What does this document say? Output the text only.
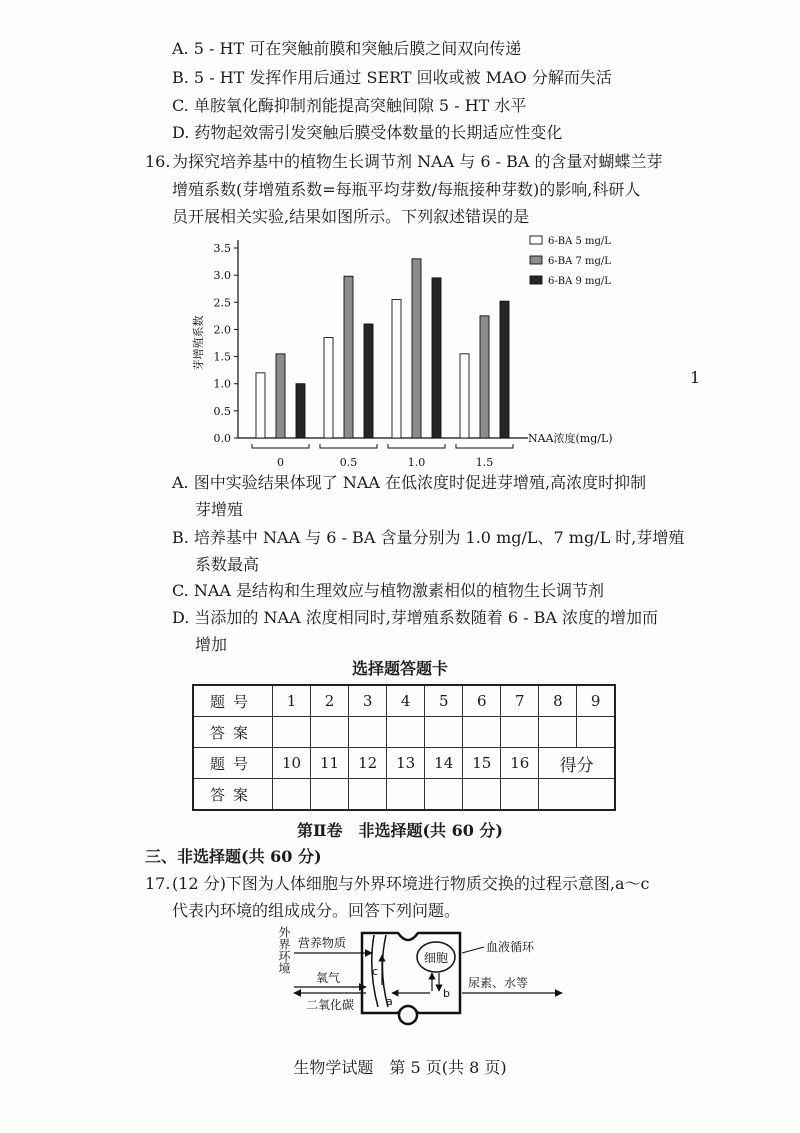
A. 5 - HT 可在突触前膜和突触后膜之间双向传递
B. 5 - HT 发挥作用后通过 SERT 回收或被 MAO 分解而失活
C. 单胺氧化酶抑制剂能提高突触间隙 5 - HT 水平
D. 药物起效需引发突触后膜受体数量的长期适应性变化
16. 为探究培养基中的植物生长调节剂 NAA 与 6 - BA 的含量对蝴蝶兰芽
增殖系数(芽增殖系数=每瓶平均芽数/每瓶接种芽数)的影响,科研人
员开展相关实验,结果如图所示。下列叙述错误的是
0.0
0.5
1.0
1.5
2.0
2.5
3.0
3.5
芽增殖系数
0	0.5	1.0	1.5
NAA浓度(mg/L)
6-BA 5 mg/L
6-BA 7 mg/L
6-BA 9 mg/L
1
A. 图中实验结果体现了 NAA 在低浓度时促进芽增殖,高浓度时抑制
芽增殖
B. 培养基中 NAA 与 6 - BA 含量分别为 1.0 mg/L、7 mg/L 时,芽增殖
系数最高
C. NAA 是结构和生理效应与植物激素相似的植物生长调节剂
D. 当添加的 NAA 浓度相同时,芽增殖系数随着 6 - BA 浓度的增加而
增加
选择题答题卡
题号	1	2	3	4	5	6	7	8	9
答案									
题号	10	11	12	13	14	15	16	得分	
答案									
第Ⅱ卷　非选择题(共 60 分)
三、非选择题(共 60 分)
17. (12 分)下图为人体细胞与外界环境进行物质交换的过程示意图,a～c
代表内环境的组成成分。回答下列问题。
细胞
外界环境 营养物质
氧气
二氧化碳
c
a
b
血液循环
尿素、水等
生物学试题　第 5 页(共 8 页)
